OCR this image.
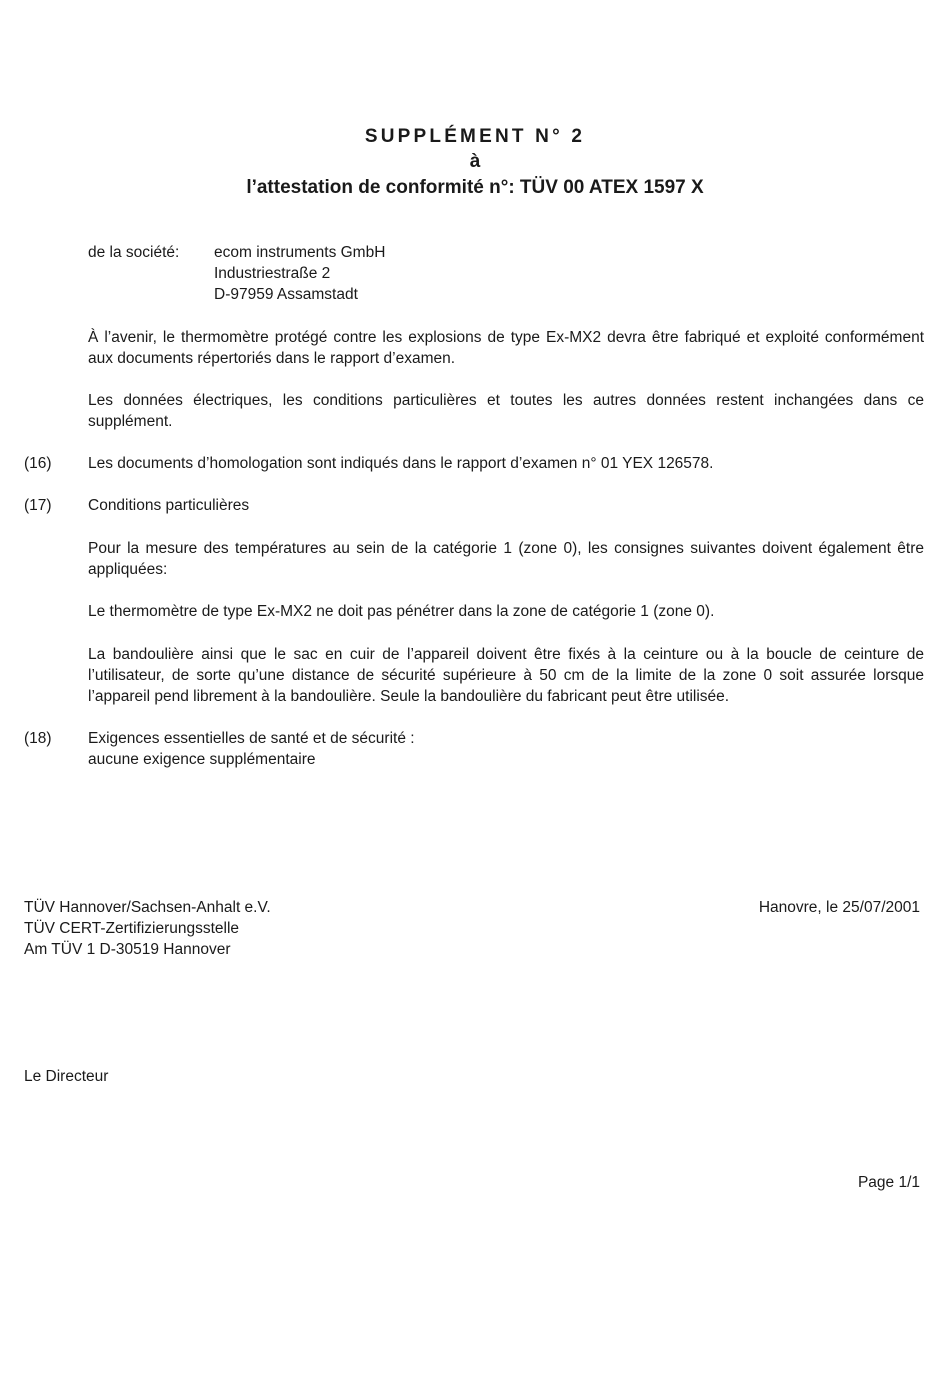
SUPPLÉMENT N° 2
à
l’attestation de conformité n°: TÜV 00 ATEX 1597 X
de la société: ecom instruments GmbH
Industriestraße 2
D-97959 Assamstadt
À l’avenir, le thermomètre protégé contre les explosions de type Ex-MX2 devra être fabriqué et exploité conformément aux documents répertoriés dans le rapport d’examen.
Les données électriques, les conditions particulières et toutes les autres données restent inchangées dans ce supplément.
(16) Les documents d’homologation sont indiqués dans le rapport d’examen n° 01 YEX 126578.
(17) Conditions particulières
Pour la mesure des températures au sein de la catégorie 1 (zone 0), les consignes suivantes doivent également être appliquées:
Le thermomètre de type Ex-MX2 ne doit pas pénétrer dans la zone de catégorie 1 (zone 0).
La bandoulière ainsi que le sac en cuir de l’appareil doivent être fixés à la ceinture ou à la boucle de ceinture de l’utilisateur, de sorte qu’une distance de sécurité supérieure à 50 cm de la limite de la zone 0 soit assurée lorsque l’appareil pend librement à la bandoulière. Seule la bandoulière du fabricant peut être utilisée.
(18) Exigences essentielles de santé et de sécurité :
aucune exigence supplémentaire
TÜV Hannover/Sachsen-Anhalt e.V.
TÜV CERT-Zertifizierungsstelle
Am TÜV 1 D-30519 Hannover
Hanovre, le 25/07/2001
Le Directeur
Page 1/1
